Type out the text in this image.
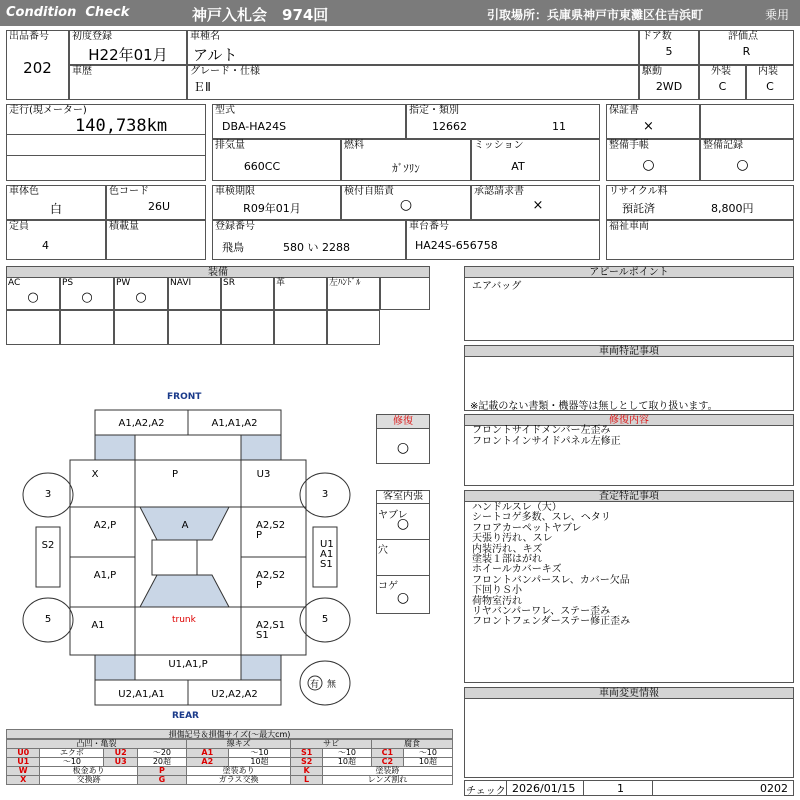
Condition  Check	神戸入札会　974回	引取場所：兵庫県神戸市東灘区住吉浜町	乗用
出品番号
202
初度登録
H22年01月
車歴
車種名
アルト
グレード・仕様
ＥⅡ
ドア数
5
評価点
R
駆動
2WD
外装
C
内装
C
走行(現メーター)
140,738km
型式
DBA-HA24S
指定・類別
12662	11
保証書
×
排気量
660CC
燃料
ｶﾞｿﾘﾝ
ミッション
AT
整備手帳
○
整備記録
○
車体色
白
色コード
26U
車検期限
R09年01月
検付自賠責
○
承認請求書
×
リサイクル料
預託済	8,800円
定員
4
積載量	登録番号
飛鳥	580 い 2288
車台番号
HA24S-656758
福祉車両
装備
AC
○
PS
○
PW
○
NAVI	SR	革	左ﾊﾝﾄﾞﾙ
アピールポイント
エアバッグ
車両特記事項
※記載のない書類・機器等は無しとして取り扱います。
修復内容
フロントサイドメンバー左歪み
フロントインサイドパネル左修正
査定特記事項
ハンドルスレ（大）
シートコゲ多数、スレ、ヘタリ
フロアカーペットヤブレ
天張り汚れ、スレ
内装汚れ、キズ
塗装１部はがれ
ホイールカバーキズ
フロントバンパースレ、カバー欠品
下回りＳ小
荷物室汚れ
リヤバンパーワレ、ステー歪み
フロントフェンダーステー修正歪み
車両変更情報
チェック 2026/01/15	1	0202
修復
○
客室内張
ヤブレ
○
穴
コゲ
○
FRONT
REAR
A1,A2,A2	A1,A1,A2
X	P	U3
A2,P	A	A2,S2
P
A1,P	A2,S2
P
A1	trunk	A2,S1
S1
U1,A1,P
U2,A1,A1	U2,A2,A2
3	3
5	5
S2	U1
A1
S1
有 無
損傷記号＆損傷サイズ(〜最大cm)
凸凹・亀裂				線キズ		サビ		腐食	
U0	エクボ	U2	〜20	A1	〜10	S1	〜10	C1	〜10
U1	〜10	U3	20超	A2	10超	S2	10超	C2	10超
W	板金あり		P	塗装あり		K	塗装跡		
X	交換跡		G	ガラス交換		L	レンズ割れ		
